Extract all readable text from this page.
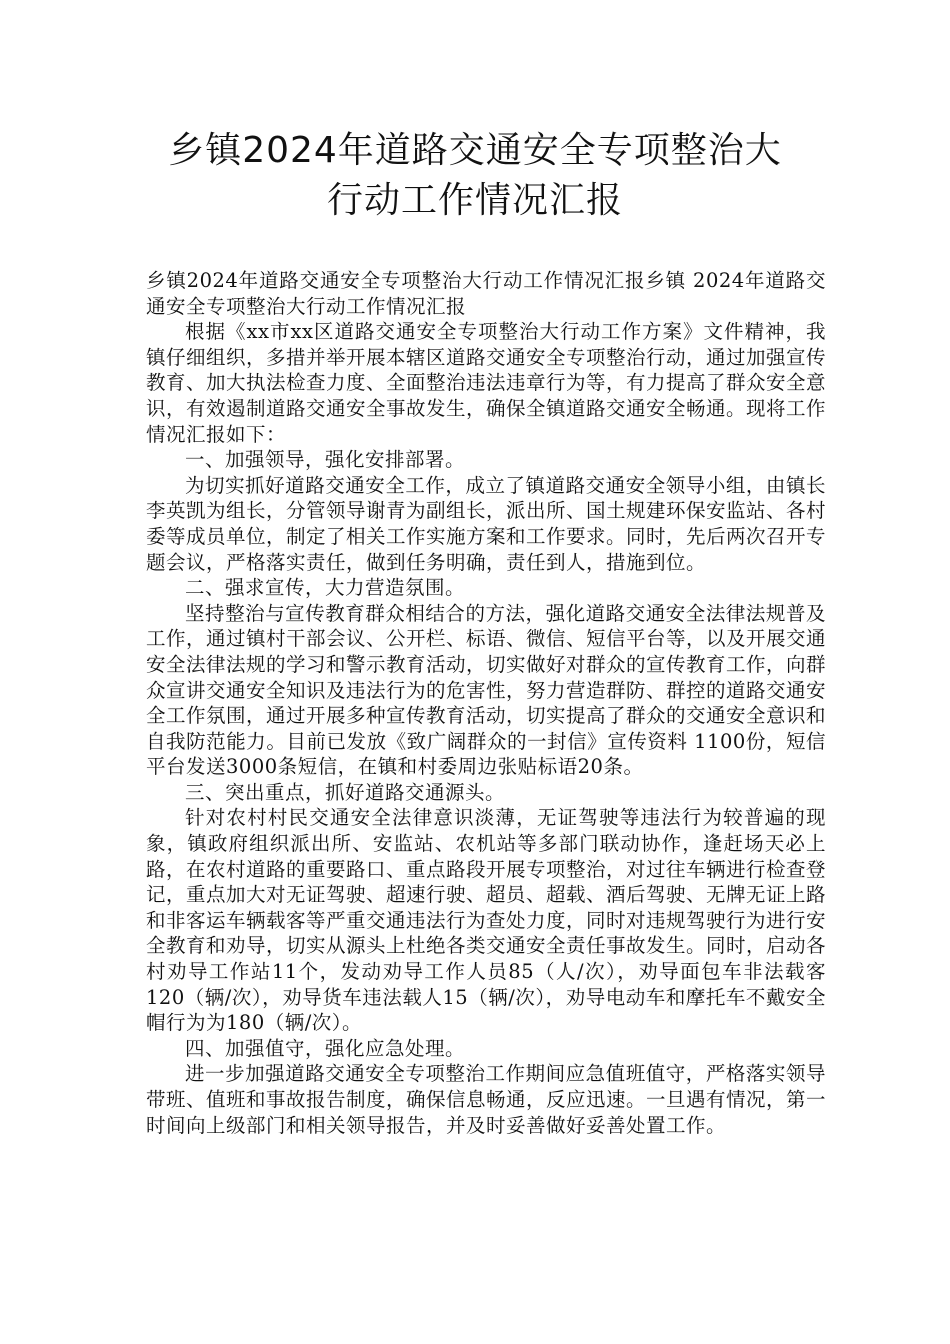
乡镇2024年道路交通安全专项整治大
行动工作情况汇报

乡镇2024年道路交通安全专项整治大行动工作情况汇报乡镇 2024年道路交通安全专项整治大行动工作情况汇报

根据《xx市xx区道路交通安全专项整治大行动工作方案》文件精神，我镇仔细组织，多措并举开展本辖区道路交通安全专项整治行动，通过加强宣传教育、加大执法检查力度、全面整治违法违章行为等，有力提高了群众安全意识，有效遏制道路交通安全事故发生，确保全镇道路交通安全畅通。现将工作情况汇报如下：

一、加强领导，强化安排部署。

为切实抓好道路交通安全工作，成立了镇道路交通安全领导小组，由镇长李英凯为组长，分管领导谢青为副组长，派出所、国土规建环保安监站、各村委等成员单位，制定了相关工作实施方案和工作要求。同时，先后两次召开专题会议，严格落实责任，做到任务明确，责任到人，措施到位。

二、强求宣传，大力营造氛围。

坚持整治与宣传教育群众相结合的方法，强化道路交通安全法律法规普及工作，通过镇村干部会议、公开栏、标语、微信、短信平台等，以及开展交通安全法律法规的学习和警示教育活动，切实做好对群众的宣传教育工作，向群众宣讲交通安全知识及违法行为的危害性，努力营造群防、群控的道路交通安全工作氛围，通过开展多种宣传教育活动，切实提高了群众的交通安全意识和自我防范能力。目前已发放《致广阔群众的一封信》宣传资料 1100份，短信平台发送3000条短信，在镇和村委周边张贴标语20条。

三、突出重点，抓好道路交通源头。

针对农村村民交通安全法律意识淡薄，无证驾驶等违法行为较普遍的现象，镇政府组织派出所、安监站、农机站等多部门联动协作，逢赶场天必上路，在农村道路的重要路口、重点路段开展专项整治，对过往车辆进行检查登记，重点加大对无证驾驶、超速行驶、超员、超载、酒后驾驶、无牌无证上路和非客运车辆载客等严重交通违法行为查处力度，同时对违规驾驶行为进行安全教育和劝导，切实从源头上杜绝各类交通安全责任事故发生。同时，启动各村劝导工作站11个，发动劝导工作人员85（人/次），劝导面包车非法载客120（辆/次），劝导货车违法载人15（辆/次），劝导电动车和摩托车不戴安全帽行为为180（辆/次）。

四、加强值守，强化应急处理。

进一步加强道路交通安全专项整治工作期间应急值班值守，严格落实领导带班、值班和事故报告制度，确保信息畅通，反应迅速。一旦遇有情况，第一时间向上级部门和相关领导报告，并及时妥善做好妥善处置工作。
